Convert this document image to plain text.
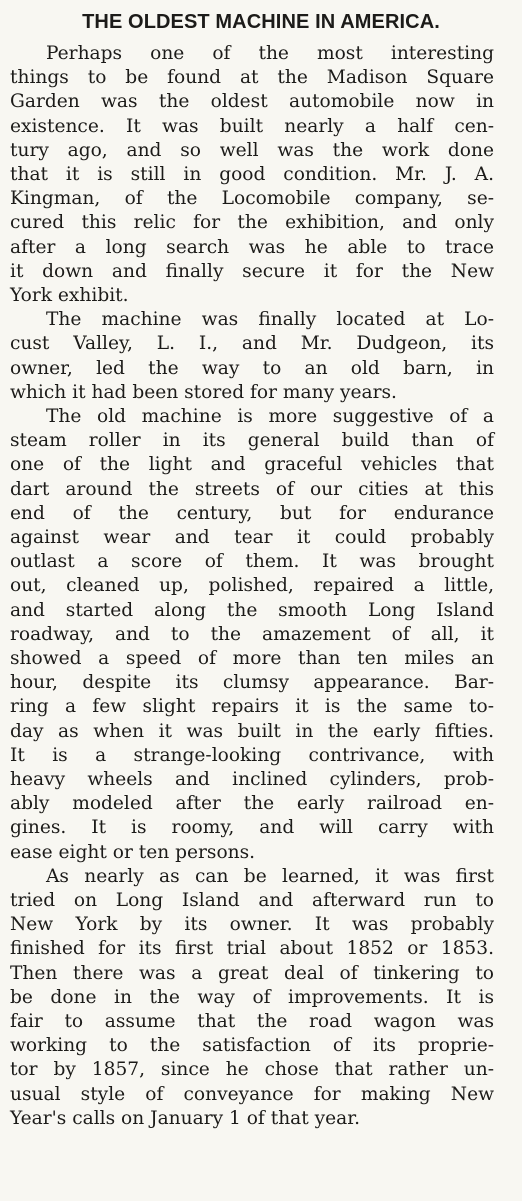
THE OLDEST MACHINE IN AMERICA.
Perhaps one of the most interesting
things to be found at the Madison Square
Garden was the oldest automobile now in
existence. It was built nearly a half cen-
tury ago, and so well was the work done
that it is still in good condition. Mr. J. A.
Kingman, of the Locomobile company, se-
cured this relic for the exhibition, and only
after a long search was he able to trace
it down and finally secure it for the New
York exhibit.
The machine was finally located at Lo-
cust Valley, L. I., and Mr. Dudgeon, its
owner, led the way to an old barn, in
which it had been stored for many years.
The old machine is more suggestive of a
steam roller in its general build than of
one of the light and graceful vehicles that
dart around the streets of our cities at this
end of the century, but for endurance
against wear and tear it could probably
outlast a score of them. It was brought
out, cleaned up, polished, repaired a little,
and started along the smooth Long Island
roadway, and to the amazement of all, it
showed a speed of more than ten miles an
hour, despite its clumsy appearance. Bar-
ring a few slight repairs it is the same to-
day as when it was built in the early fifties.
It is a strange-looking contrivance, with
heavy wheels and inclined cylinders, prob-
ably modeled after the early railroad en-
gines. It is roomy, and will carry with
ease eight or ten persons.
As nearly as can be learned, it was first
tried on Long Island and afterward run to
New York by its owner. It was probably
finished for its first trial about 1852 or 1853.
Then there was a great deal of tinkering to
be done in the way of improvements. It is
fair to assume that the road wagon was
working to the satisfaction of its proprie-
tor by 1857, since he chose that rather un-
usual style of conveyance for making New
Year's calls on January 1 of that year.
